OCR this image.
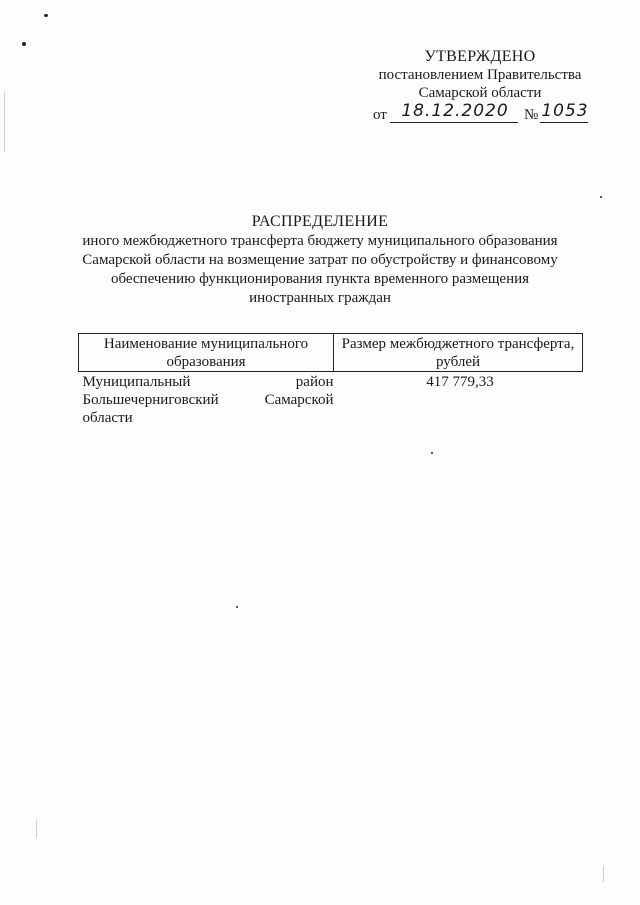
УТВЕРЖДЕНО
постановлением Правительства
Самарской области
от 18.12.2020	№ 1053
РАСПРЕДЕЛЕНИЕ
иного межбюджетного трансферта бюджету муниципального образования
Самарской области на возмещение затрат по обустройству и финансовому
обеспечению функционирования пункта временного размещения
иностранных граждан
Наименование муниципального образования	Размер межбюджетного трансферта, рублей
Муниципальный район Большечерниговский Самарской области	417 779,33
